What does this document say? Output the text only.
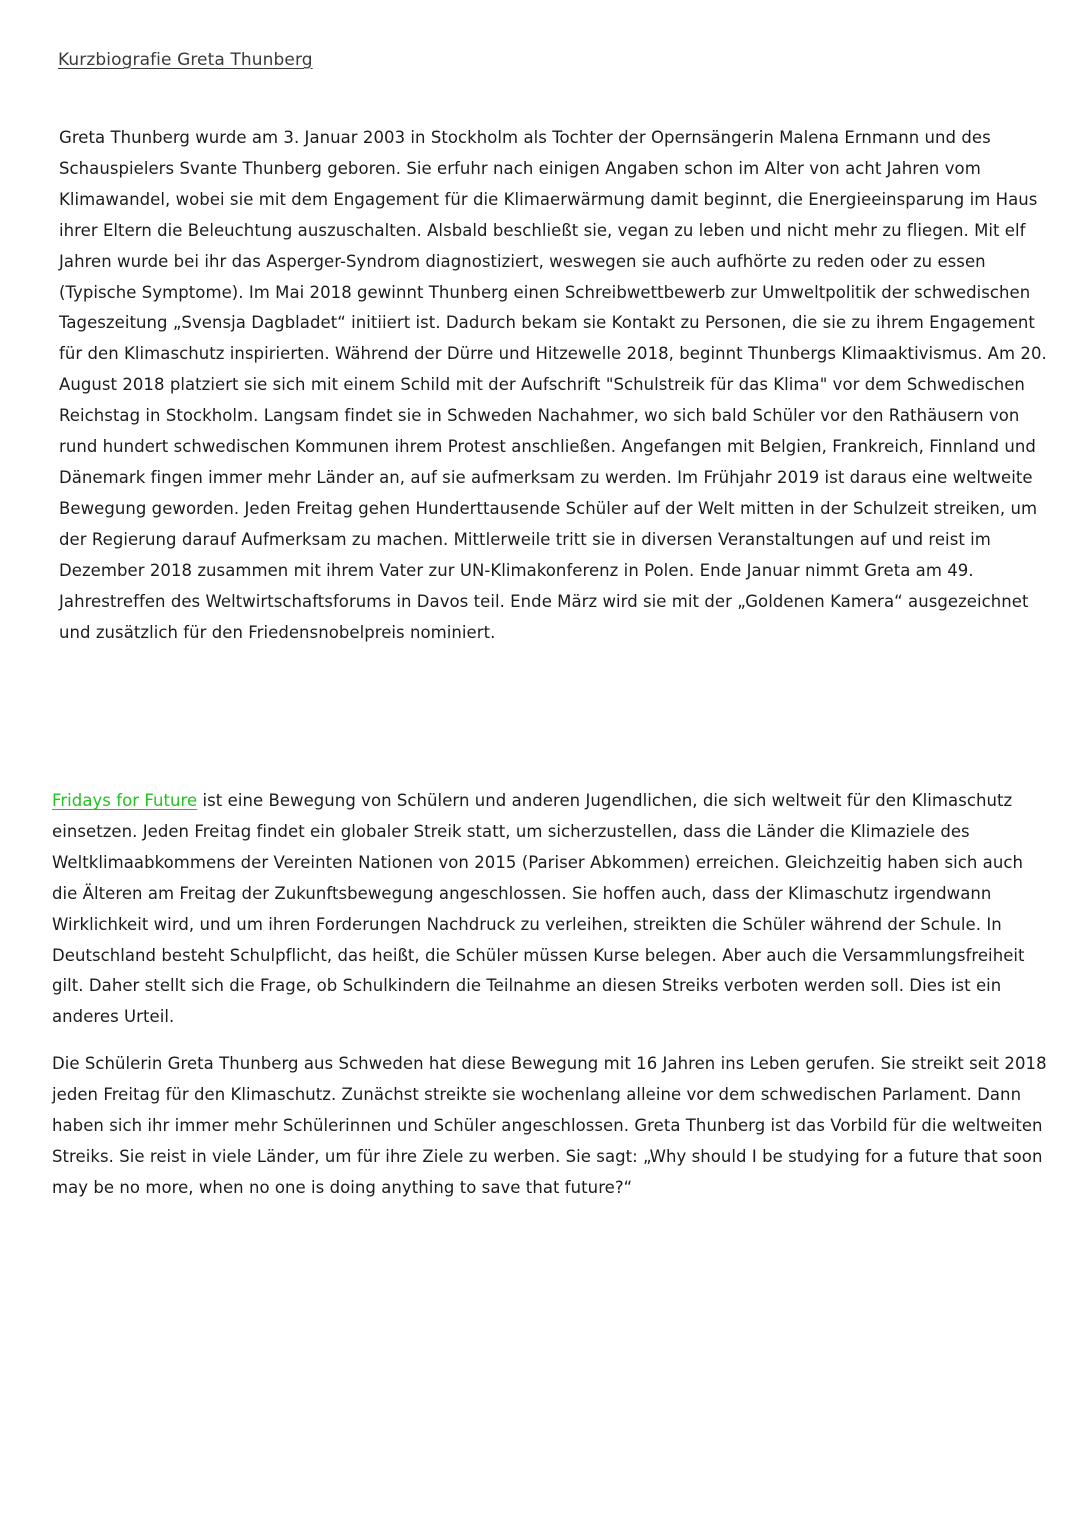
Kurzbiografie Greta Thunberg

Greta Thunberg wurde am 3. Januar 2003 in Stockholm als Tochter der Opernsängerin Malena Ernmann und des Schauspielers Svante Thunberg geboren. Sie erfuhr nach einigen Angaben schon im Alter von acht Jahren vom Klimawandel, wobei sie mit dem Engagement für die Klimaerwärmung damit beginnt, die Energieeinsparung im Haus ihrer Eltern die Beleuchtung auszuschalten. Alsbald beschließt sie, vegan zu leben und nicht mehr zu fliegen. Mit elf Jahren wurde bei ihr das Asperger-Syndrom diagnostiziert, weswegen sie auch aufhörte zu reden oder zu essen (Typische Symptome). Im Mai 2018 gewinnt Thunberg einen Schreibwettbewerb zur Umweltpolitik der schwedischen Tageszeitung „Svensja Dagbladet“ initiiert ist. Dadurch bekam sie Kontakt zu Personen, die sie zu ihrem Engagement für den Klimaschutz inspirierten. Während der Dürre und Hitzewelle 2018, beginnt Thunbergs Klimaaktivismus. Am 20. August 2018 platziert sie sich mit einem Schild mit der Aufschrift "Schulstreik für das Klima" vor dem Schwedischen Reichstag in Stockholm. Langsam findet sie in Schweden Nachahmer, wo sich bald Schüler vor den Rathäusern von rund hundert schwedischen Kommunen ihrem Protest anschließen. Angefangen mit Belgien, Frankreich, Finnland und Dänemark fingen immer mehr Länder an, auf sie aufmerksam zu werden. Im Frühjahr 2019 ist daraus eine weltweite Bewegung geworden. Jeden Freitag gehen Hunderttausende Schüler auf der Welt mitten in der Schulzeit streiken, um der Regierung darauf Aufmerksam zu machen. Mittlerweile tritt sie in diversen Veranstaltungen auf und reist im Dezember 2018 zusammen mit ihrem Vater zur UN-Klimakonferenz in Polen. Ende Januar nimmt Greta am 49. Jahrestreffen des Weltwirtschaftsforums in Davos teil. Ende März wird sie mit der „Goldenen Kamera“ ausgezeichnet und zusätzlich für den Friedensnobelpreis nominiert.

Fridays for Future ist eine Bewegung von Schülern und anderen Jugendlichen, die sich weltweit für den Klimaschutz einsetzen. Jeden Freitag findet ein globaler Streik statt, um sicherzustellen, dass die Länder die Klimaziele des Weltklimaabkommens der Vereinten Nationen von 2015 (Pariser Abkommen) erreichen. Gleichzeitig haben sich auch die Älteren am Freitag der Zukunftsbewegung angeschlossen. Sie hoffen auch, dass der Klimaschutz irgendwann Wirklichkeit wird, und um ihren Forderungen Nachdruck zu verleihen, streikten die Schüler während der Schule. In Deutschland besteht Schulpflicht, das heißt, die Schüler müssen Kurse belegen. Aber auch die Versammlungsfreiheit gilt. Daher stellt sich die Frage, ob Schulkindern die Teilnahme an diesen Streiks verboten werden soll. Dies ist ein anderes Urteil.

Die Schülerin Greta Thunberg aus Schweden hat diese Bewegung mit 16 Jahren ins Leben gerufen. Sie streikt seit 2018 jeden Freitag für den Klimaschutz. Zunächst streikte sie wochenlang alleine vor dem schwedischen Parlament. Dann haben sich ihr immer mehr Schülerinnen und Schüler angeschlossen. Greta Thunberg ist das Vorbild für die weltweiten Streiks. Sie reist in viele Länder, um für ihre Ziele zu werben. Sie sagt: „Why should I be studying for a future that soon may be no more, when no one is doing anything to save that future?“
